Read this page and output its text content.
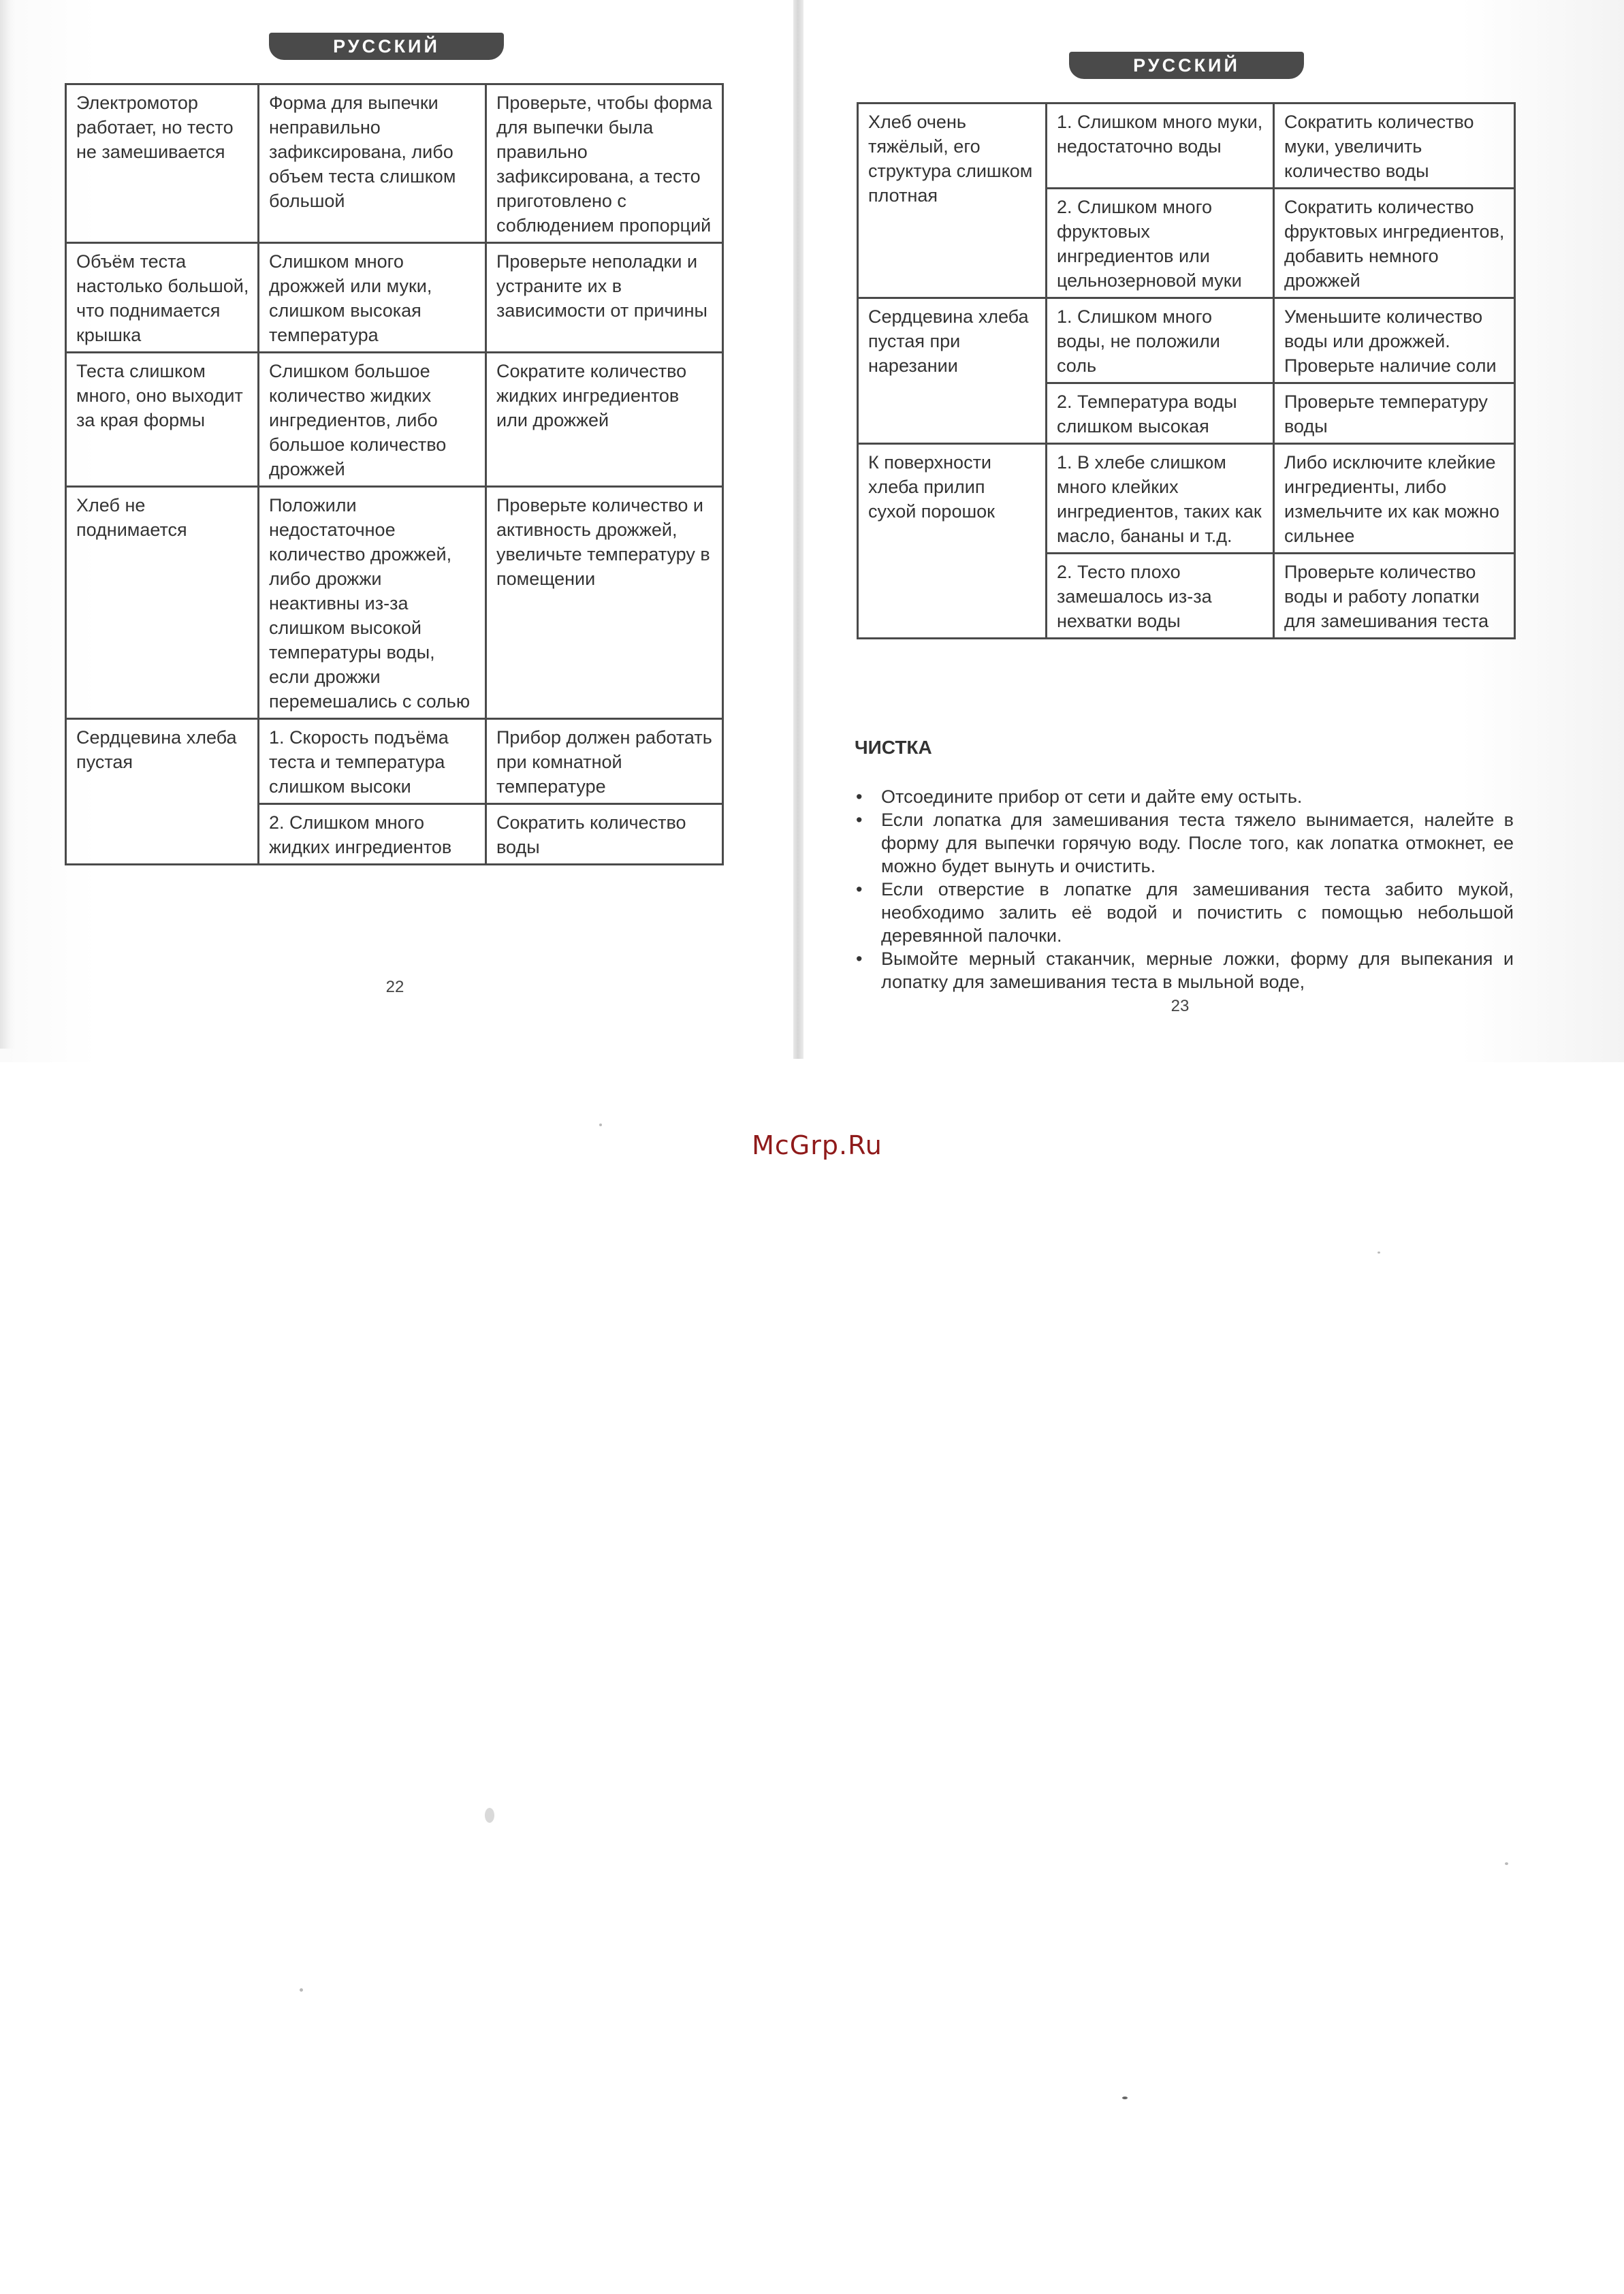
РУССКИЙ
Электромотор работает, но тесто не замешивается	Форма для выпечки неправильно зафиксирована, либо объем теста слишком большой	Проверьте, чтобы форма для выпечки была правильно зафиксирована, а тесто приготовлено с соблюдением пропорций
Объём теста настолько большой, что поднимается крышка	Слишком много дрожжей или муки, слишком высокая температура	Проверьте неполадки и устраните их в зависимости от причины
Теста слишком много, оно выходит за края формы	Слишком большое количество жидких ингредиентов, либо большое количество дрожжей	Сократите количество жидких ингредиентов или дрожжей
Хлеб не поднимается	Положили недостаточное количество дрожжей, либо дрожжи неактивны из-за слишком высокой температуры воды, если дрожжи перемешались с солью	Проверьте количество и активность дрожжей, увеличьте температуру в помещении
Сердцевина хлеба пустая	1. Скорость подъёма теста и температура слишком высоки	Прибор должен работать при комнатной температуре
	2. Слишком много жидких ингредиентов	Сократить количество воды
22
РУССКИЙ
Хлеб очень тяжёлый, его структура слишком плотная	1. Слишком много муки, недостаточно воды	Сократить количество муки, увеличить количество воды
	2. Слишком много фруктовых ингредиентов или цельнозерновой муки	Сократить количество фруктовых ингредиентов, добавить немного дрожжей
Сердцевина хлеба пустая при нарезании	1. Слишком много воды, не положили соль	Уменьшите количество воды или дрожжей. Проверьте наличие соли
	2. Температура воды слишком высокая	Проверьте температуру воды
К поверхности хлеба прилип сухой порошок	1. В хлебе слишком много клейких ингредиентов, таких как масло, бананы и т.д.	Либо исключите клейкие ингредиенты, либо измельчите их как можно сильнее
	2. Тесто плохо замешалось из-за нехватки воды	Проверьте количество воды и работу лопатки для замешивания теста
ЧИСТКА
• Отсоедините прибор от сети и дайте ему остыть.
• Если лопатка для замешивания теста тяжело вынимается, налейте в форму для выпечки горячую воду. После того, как лопатка отмокнет, ее можно будет вынуть и очистить.
• Если отверстие в лопатке для замешивания теста забито мукой, необходимо залить её водой и почистить с помощью небольшой деревянной палочки.
• Вымойте мерный стаканчик, мерные ложки, форму для выпекания и лопатку для замешивания теста в мыльной воде,
23
McGrp.Ru
